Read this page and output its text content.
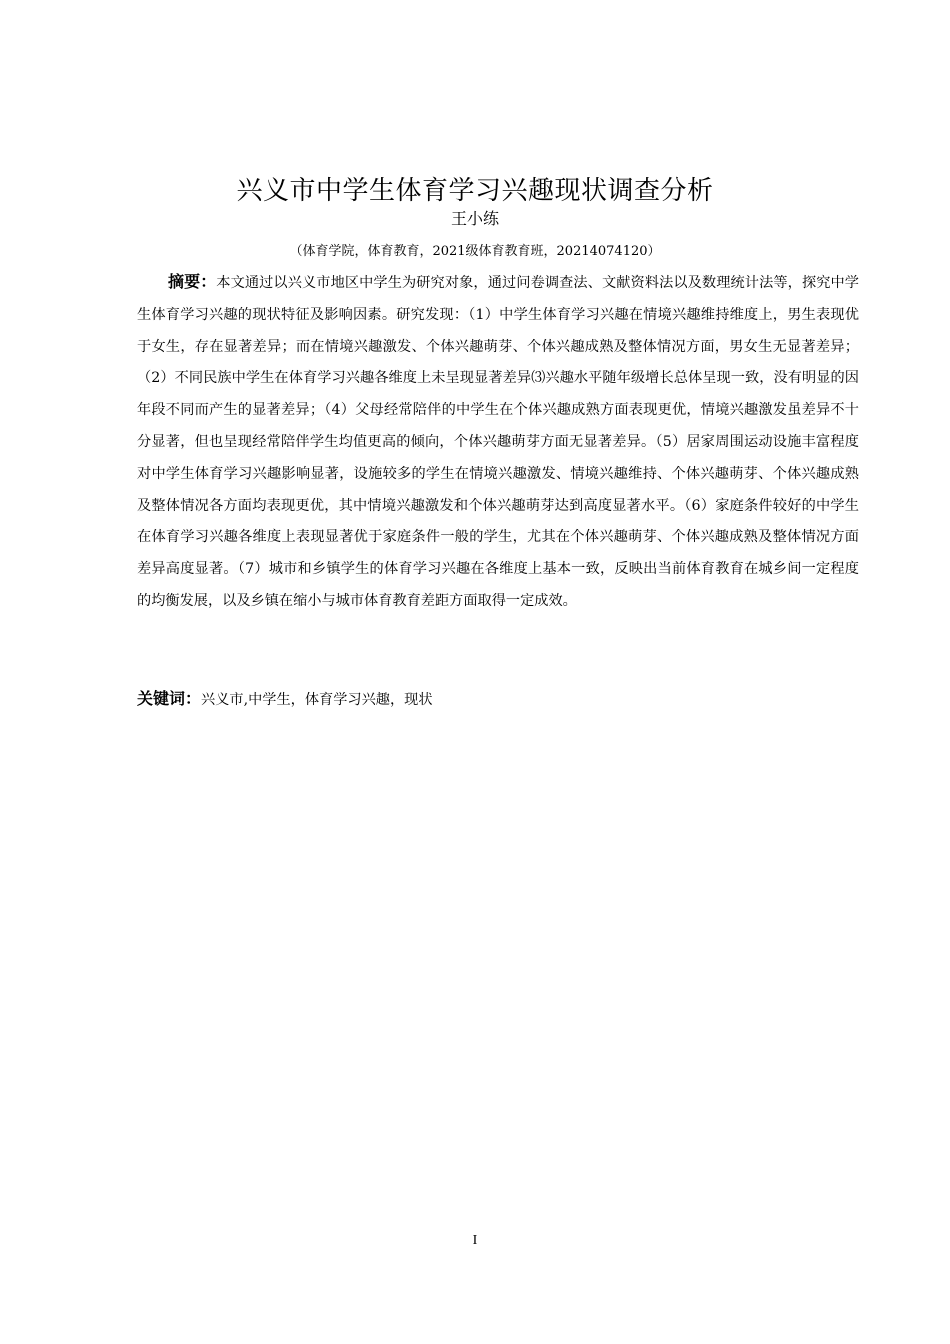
兴义市中学生体育学习兴趣现状调查分析
王小练
（体育学院，体育教育，2021级体育教育班，20214074120）

摘要：本文通过以兴义市地区中学生为研究对象，通过问卷调查法、文献资料法以及数理统计法等，探究中学生体育学习兴趣的现状特征及影响因素。研究发现：（1）中学生体育学习兴趣在情境兴趣维持维度上，男生表现优于女生，存在显著差异；而在情境兴趣激发、个体兴趣萌芽、个体兴趣成熟及整体情况方面，男女生无显著差异；（2）不同民族中学生在体育学习兴趣各维度上未呈现显著差异⑶兴趣水平随年级增长总体呈现一致，没有明显的因年段不同而产生的显著差异；（4）父母经常陪伴的中学生在个体兴趣成熟方面表现更优，情境兴趣激发虽差异不十分显著，但也呈现经常陪伴学生均值更高的倾向，个体兴趣萌芽方面无显著差异。（5）居家周围运动设施丰富程度对中学生体育学习兴趣影响显著，设施较多的学生在情境兴趣激发、情境兴趣维持、个体兴趣萌芽、个体兴趣成熟及整体情况各方面均表现更优，其中情境兴趣激发和个体兴趣萌芽达到高度显著水平。（6）家庭条件较好的中学生在体育学习兴趣各维度上表现显著优于家庭条件一般的学生，尤其在个体兴趣萌芽、个体兴趣成熟及整体情况方面差异高度显著。（7）城市和乡镇学生的体育学习兴趣在各维度上基本一致，反映出当前体育教育在城乡间一定程度的均衡发展，以及乡镇在缩小与城市体育教育差距方面取得一定成效。

关键词：兴义市,中学生，体育学习兴趣，现状
I
